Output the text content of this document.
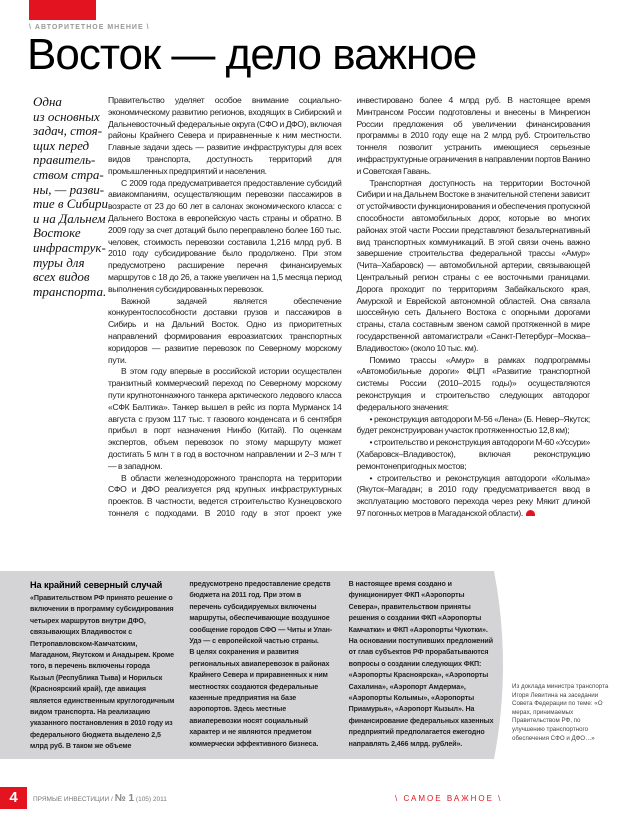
\ АВТОРИТЕТНОЕ МНЕНИЕ \
Восток — дело важное
Одна
из основных
задач, стоя-
щих перед
правитель-
ством стра-
ны, — разви-
тие в Сибири
и на Дальнем
Востоке
инфраструк-
туры для
всех видов
транспорта.

Правительство уделяет особое внимание социально-экономическому развитию регионов, входящих в Сибирский и Дальневосточный федеральные округа (СФО и ДФО), включая районы Крайнего Севера и приравненные к ним местности. Главные задачи здесь — развитие инфраструктуры для всех видов транспорта, доступность территорий для промышленных предприятий и населения.

С 2009 года предусматривается предоставление субсидий авиакомпаниям, осуществляющим перевозки пассажиров в возрасте от 23 до 60 лет в салонах экономического класса: с Дальнего Востока в европейскую часть страны и обратно. В 2009 году за счет дотаций было переправлено более 160 тыс. человек, стоимость перевозки составила 1,216 млрд руб. В 2010 году субсидирование было продолжено. При этом предусмотрено расширение перечня финансируемых маршрутов с 18 до 26, а также увеличен на 1,5 месяца период выполнения субсидированных перевозок.

Важной задачей является обеспечение конкурентоспособности доставки грузов и пассажиров в Сибирь и на Дальний Восток. Одно из приоритетных направлений формирования евроазиатских транспортных коридоров — развитие перевозок по Северному морскому пути.

В этом году впервые в российской истории осуществлен транзитный коммерческий переход по Северному морскому пути крупнотоннажного танкера арктического ледового класса «СФК Балтика». Танкер вышел в рейс из порта Мурманск 14 августа с грузом 117 тыс. т газового конденсата и 6 сентября прибыл в порт назначения Нинбо (Китай). По оценкам экспертов, объем перевозок по этому маршруту может достигать 5 млн т в год в восточном направлении и 2–3 млн т — в западном.

В области железнодорожного транспорта на территории СФО и ДФО реализуется ряд крупных инфраструктурных проектов. В частности, ведется строительство Кузнецовского тоннеля с подходами. В 2010 году в этот проект уже инвестировано более 4 млрд руб. В настоящее время Минтрансом России подготовлены и внесены в Минрегион России предложения об увеличении финансирования программы в 2010 году еще на 2 млрд руб. Строительство тоннеля позволит устранить имеющиеся серьезные инфраструктурные ограничения в направлении портов Ванино и Советская Гавань.

Транспортная доступность на территории Восточной Сибири и на Дальнем Востоке в значительной степени зависит от устойчивости функционирования и обеспечения пропускной способности автомобильных дорог, которые во многих районах этой части России представляют безальтернативный вид транспортных коммуникаций. В этой связи очень важно завершение строительства федеральной трассы «Амур» (Чита–Хабаровск) — автомобильной артерии, связывающей Центральный регион страны с ее восточными границами. Дорога проходит по территориям Забайкальского края, Амурской и Еврейской автономной областей. Она связала шоссейную сеть Дальнего Востока с опорными дорогами страны, стала составным звеном самой протяженной в мире государственной автомагистрали «Санкт-Петербург–Москва–Владивосток» (около 10 тыс. км).

Помимо трассы «Амур» в рамках подпрограммы «Автомобильные дороги» ФЦП «Развитие транспортной системы России (2010–2015 годы)» осуществляются реконструкция и строительство следующих автодорог федерального значения:

• реконструкция автодороги М-56 «Лена» (Б. Невер–Якутск; будет реконструирован участок протяженностью 12,8 км);

• строительство и реконструкция автодороги М-60 «Уссури» (Хабаровск–Владивосток), включая реконструкцию ремонтонепригодных мостов;

• строительство и реконструкция автодороги «Колыма» (Якутск–Магадан; в 2010 году предусматривается ввод в эксплуатацию мостового перехода через реку Мякит длиной 97 погонных метров в Магаданской области).

На крайний северный случай

«Правительством РФ принято решение о включении в программу субсидирования четырех маршрутов внутри ДФО, связывающих Владивосток с Петропавловском-Камчатским, Магаданом, Якутском и Анадырем. Кроме того, в перечень включены города Кызыл (Республика Тыва) и Норильск (Красноярский край), где авиация является единственным круглогодичным видом транспорта. На реализацию указанного постановления в 2010 году из федерального бюджета выделено 2,5 млрд руб. В таком же объеме предусмотрено предоставление средств бюджета на 2011 год. При этом в перечень субсидируемых включены маршруты, обеспечивающие воздушное сообщение городов СФО — Читы и Улан-Удэ — с европейской частью страны.

В целях сохранения и развития региональных авиаперевозок в районах Крайнего Севера и приравненных к ним местностях создаются федеральные казенные предприятия на базе аэропортов. Здесь местные авиаперевозки носят социальный характер и не являются предметом коммерчески эффективного бизнеса.

В настоящее время создано и функционирует ФКП «Аэропорты Севера», правительством приняты решения о создании ФКП «Аэропорты Камчатки» и ФКП «Аэропорты Чукотки». На основании поступивших предложений от глав субъектов РФ прорабатываются вопросы о создании следующих ФКП: «Аэропорты Красноярска», «Аэропорты Сахалина», «Аэропорт Амдерма», «Аэропорты Колымы», «Аэропорты Приамурья», «Аэропорт Кызыл». На финансирование федеральных казенных предприятий предполагается ежегодно направлять 2,466 млрд. рублей».

Из доклада министра транспорта Игоря Левитина на заседании Совета Федерации по теме: «О мерах, принимаемых Правительством РФ, по улучшению транспортного обеспечения СФО и ДФО…»
4	ПРЯМЫЕ ИНВЕСТИЦИИ / № 1 (105) 2011	\ САМОЕ ВАЖНОЕ \
